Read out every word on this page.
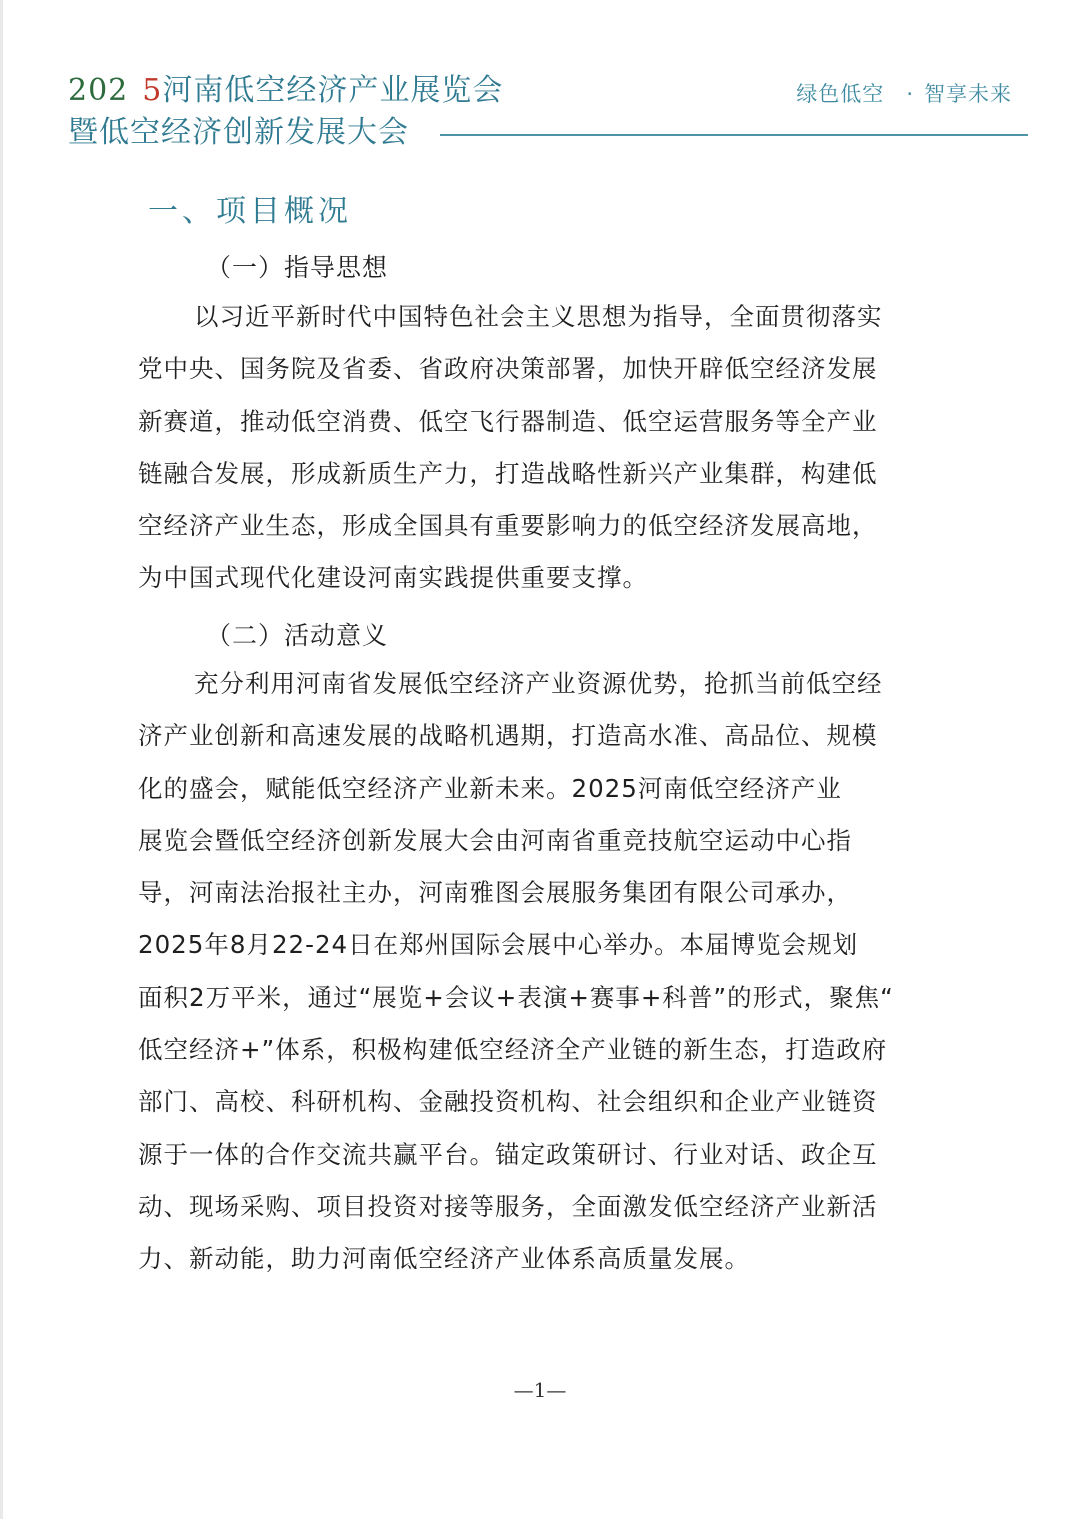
202 5河南低空经济产业展览会
暨低空经济创新发展大会
绿色低空 · 智享未来
一、项目概况
（一）指导思想
以习近平新时代中国特色社会主义思想为指导，全面贯彻落实
党中央、国务院及省委、省政府决策部署，加快开辟低空经济发展
新赛道，推动低空消费、低空飞行器制造、低空运营服务等全产业
链融合发展，形成新质生产力，打造战略性新兴产业集群，构建低
空经济产业生态，形成全国具有重要影响力的低空经济发展高地，
为中国式现代化建设河南实践提供重要支撑。
（二）活动意义
充分利用河南省发展低空经济产业资源优势，抢抓当前低空经
济产业创新和高速发展的战略机遇期，打造高水准、高品位、规模
化的盛会，赋能低空经济产业新未来。2025河南低空经济产业
展览会暨低空经济创新发展大会由河南省重竞技航空运动中心指
导，河南法治报社主办，河南雅图会展服务集团有限公司承办，
2025年8月22-24日在郑州国际会展中心举办。本届博览会规划
面积2万平米，通过“展览+会议+表演+赛事+科普”的形式，聚焦“
低空经济+”体系，积极构建低空经济全产业链的新生态，打造政府
部门、高校、科研机构、金融投资机构、社会组织和企业产业链资
源于一体的合作交流共赢平台。锚定政策研讨、行业对话、政企互
动、现场采购、项目投资对接等服务，全面激发低空经济产业新活
力、新动能，助力河南低空经济产业体系高质量发展。
—1—
